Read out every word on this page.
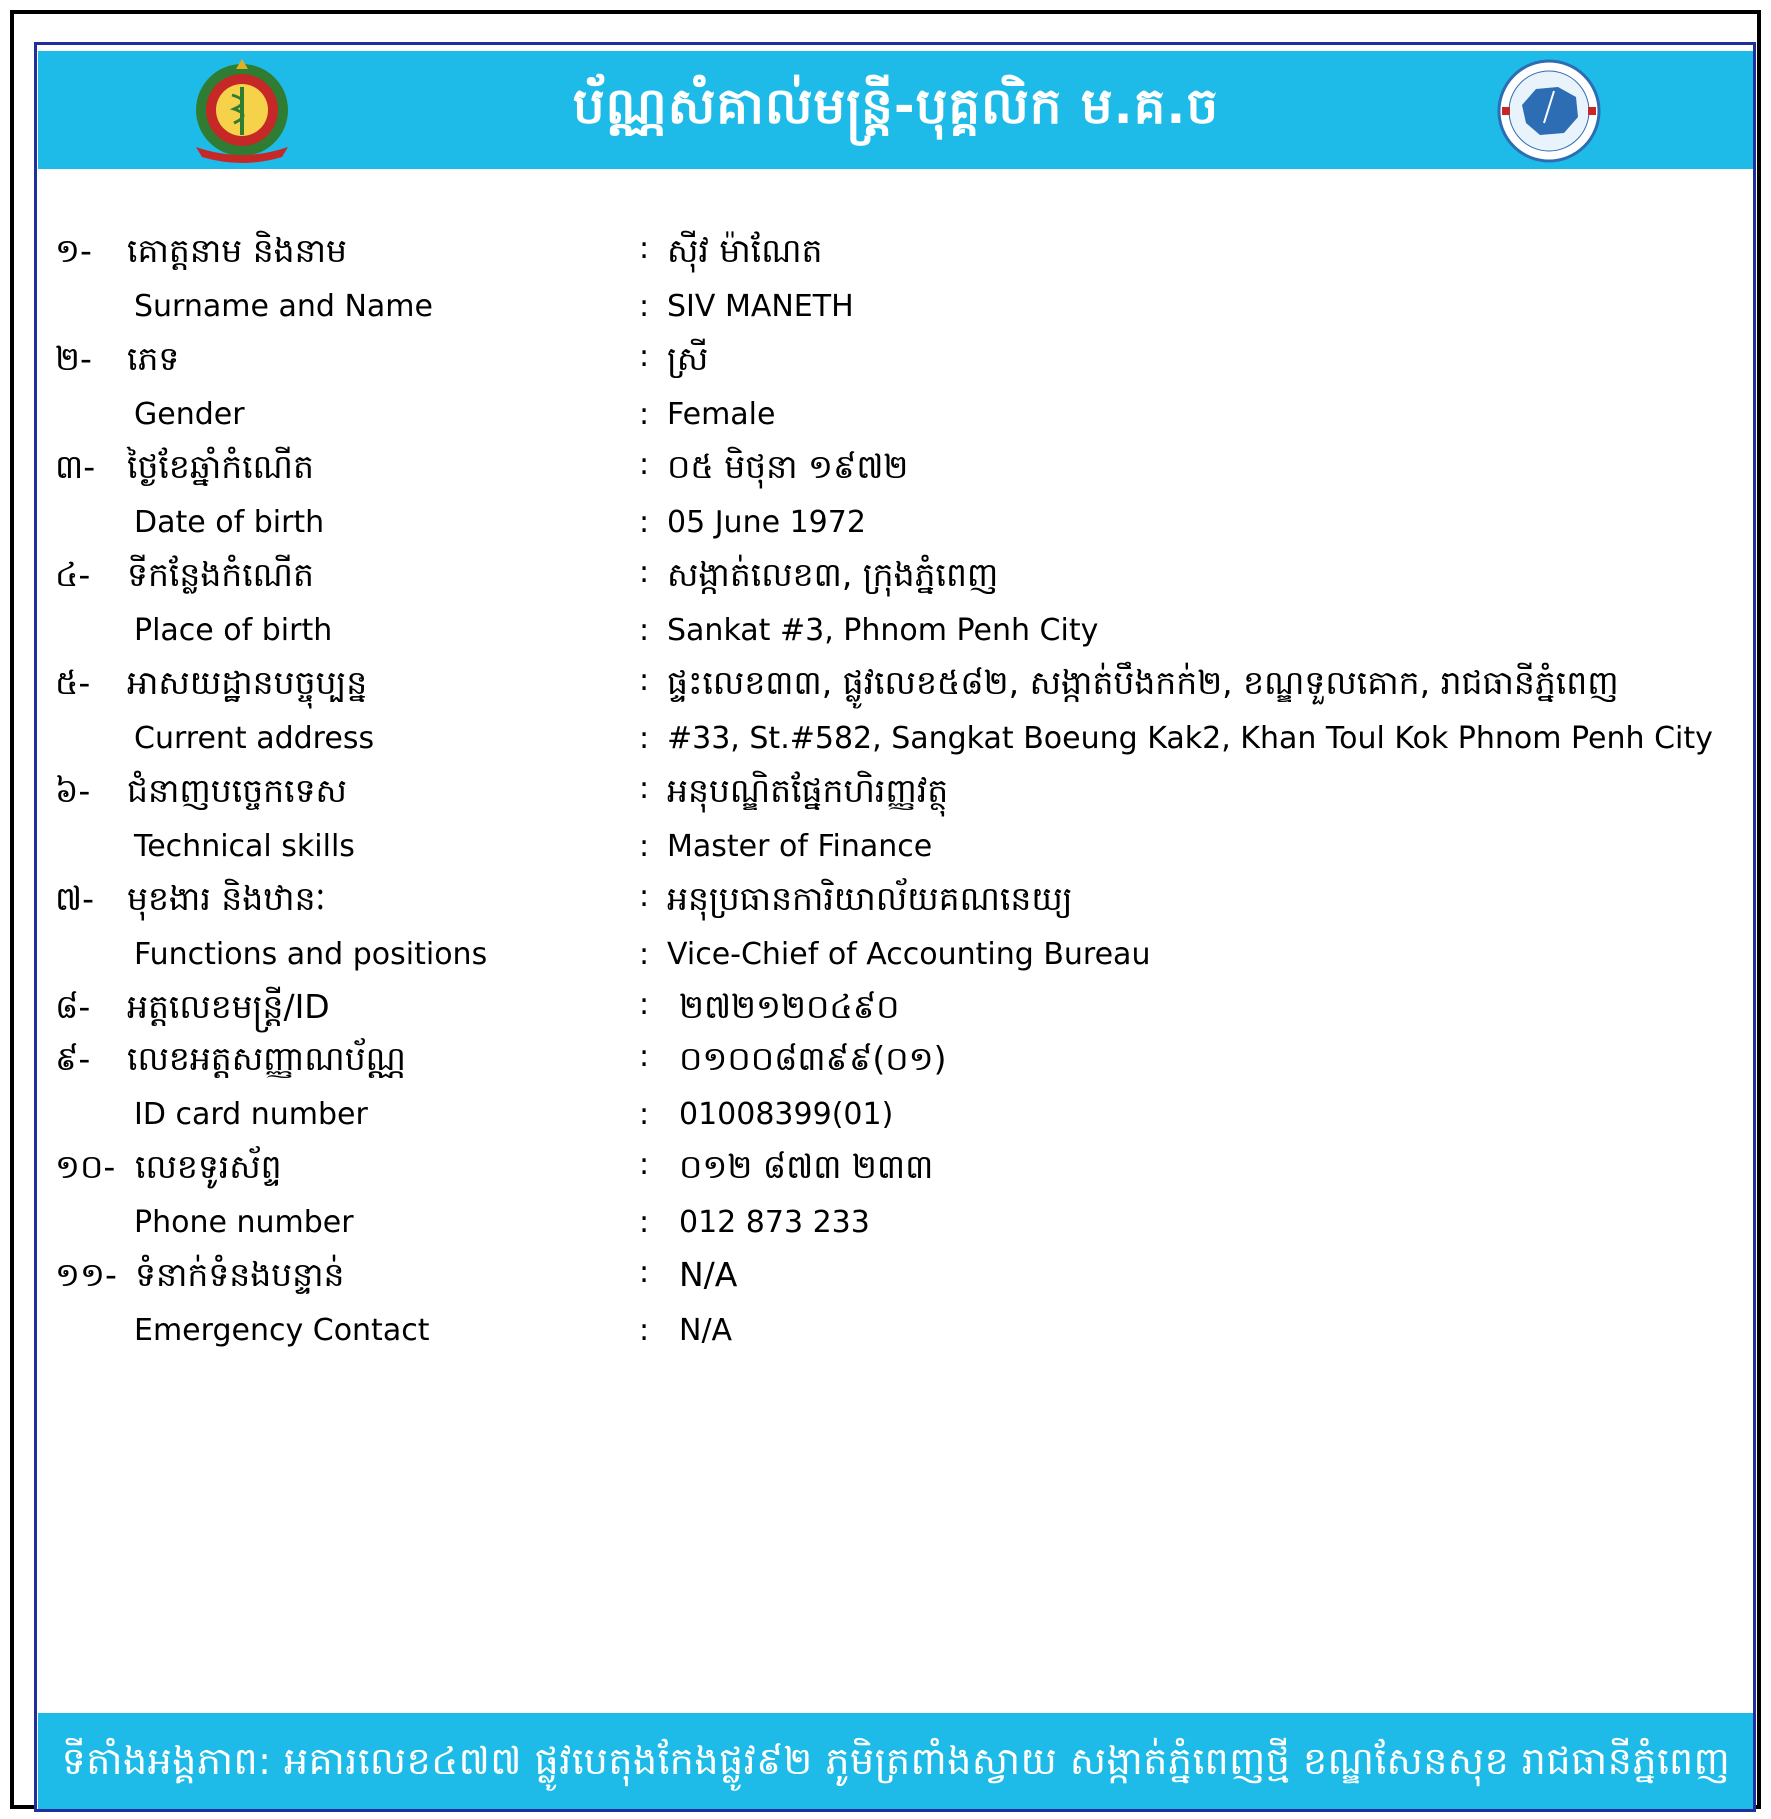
ប័ណ្ណសំគាល់មន្រ្តី-បុគ្គលិក ម.គ.ច
១- គោត្តនាម និងនាម	: ស៊ីវ ម៉ាណែត
Surname and Name	: SIV MANETH
២- ភេទ	: ស្រី
Gender	: Female
៣- ថ្ងៃខែឆ្នាំកំណើត	: ០៥ មិថុនា ១៩៧២
Date of birth	: 05 June 1972
៤- ទីកន្លែងកំណើត	: សង្កាត់លេខ៣, ក្រុងភ្នំពេញ
Place of birth	: Sankat #3, Phnom Penh City
៥- អាសយដ្ឋានបច្ចុប្បន្ន	: ផ្ទះលេខ៣៣, ផ្លូវលេខ៥៨២, សង្កាត់បឹងកក់២, ខណ្ឌទួលគោក, រាជធានីភ្នំពេញ
Current address	: #33, St.#582, Sangkat Boeung Kak2, Khan Toul Kok Phnom Penh City
៦- ជំនាញបច្ចេកទេស	: អនុបណ្ឌិតផ្នែកហិរញ្ញវត្ថុ
Technical skills	: Master of Finance
៧- មុខងារ និងឋានៈ	: អនុប្រធានការិយាល័យគណនេយ្យ
Functions and positions	: Vice-Chief of Accounting Bureau
៨- អត្តលេខមន្ត្រី/ID	: ២៧២១២០៤៩០
៩- លេខអត្តសញ្ញាណប័ណ្ណ	: ០១០០៨៣៩៩(០១)
ID card number	: 01008399(01)
១០- លេខទូរស័ព្ទ	: ០១២ ៨៧៣ ២៣៣
Phone number	: 012 873 233
១១- ទំនាក់ទំនងបន្ទាន់	: N/A
Emergency Contact	: N/A
ទីតាំងអង្គភាព: អគារលេខ៤៧៧ ផ្លូវបេតុងកែងផ្លូវ៩២ ភូមិត្រពាំងស្វាយ សង្កាត់ភ្នំពេញថ្មី ខណ្ឌសែនសុខ រាជធានីភ្នំពេញ
